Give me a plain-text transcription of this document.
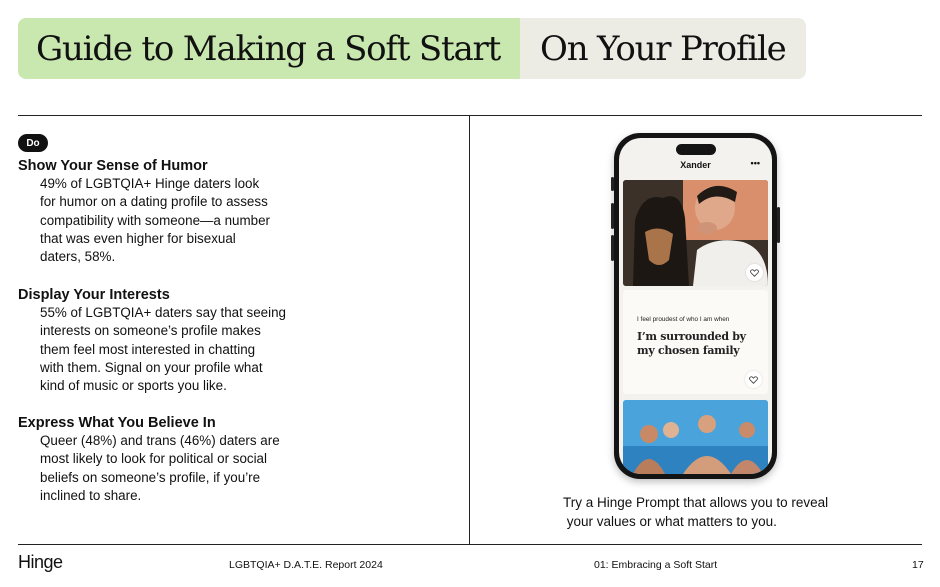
Guide to Making a Soft Start On Your Profile
Do
Show Your Sense of Humor
49% of LGBTQIA+ Hinge daters look
for humor on a dating profile to assess
compatibility with someone—a number
that was even higher for bisexual
daters, 58%.
Display Your Interests
55% of LGBTQIA+ daters say that seeing
interests on someone’s profile makes
them feel most interested in chatting
with them. Signal on your profile what
kind of music or sports you like.
Express What You Believe In
Queer (48%) and trans (46%) daters are
most likely to look for political or social
beliefs on someone’s profile, if you’re
inclined to share.
Xander	•••
I feel proudest of who I am when
I’m surrounded by my chosen family
Try a Hinge Prompt that allows you to reveal
your values or what matters to you.
Hinge	LGBTQIA+ D.A.T.E. Report 2024	01: Embracing a Soft Start	17
